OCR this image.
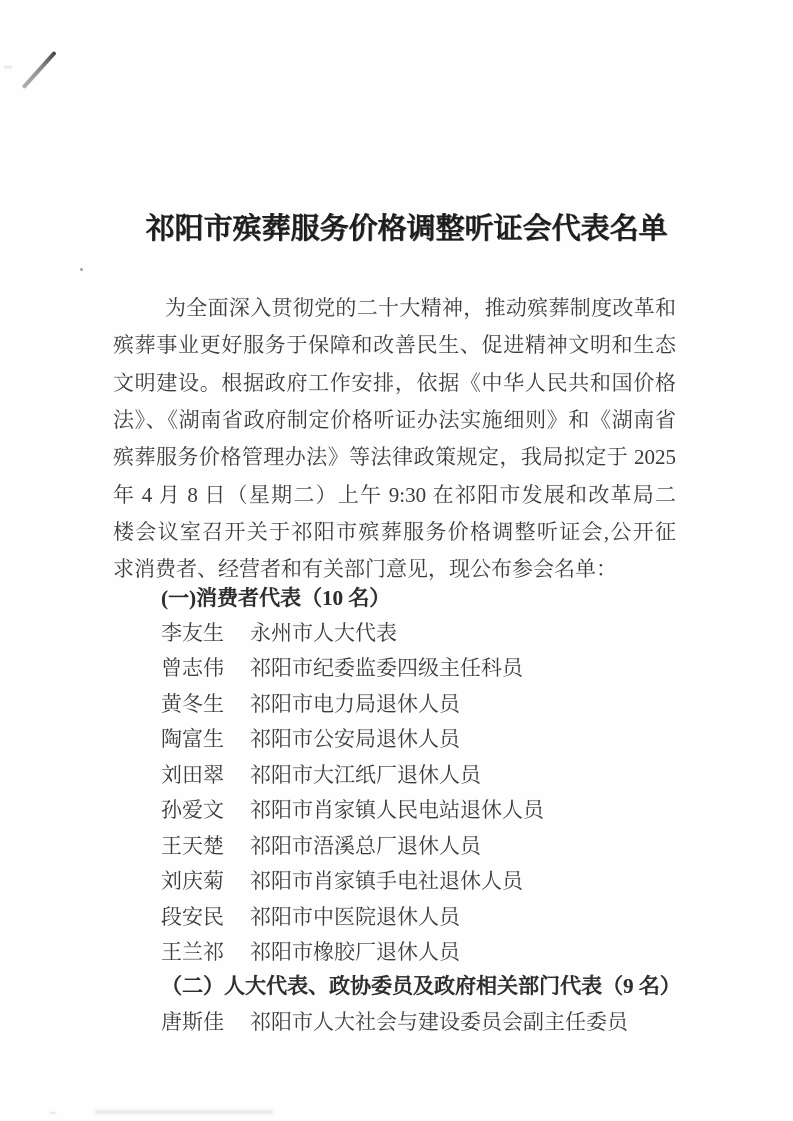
祁阳市殡葬服务价格调整听证会代表名单
为全面深入贯彻党的二十大精神，推动殡葬制度改革和
殡葬事业更好服务于保障和改善民生、促进精神文明和生态
文明建设。根据政府工作安排，依据《中华人民共和国价格
法》、《湖南省政府制定价格听证办法实施细则》和《湖南省
殡葬服务价格管理办法》等法律政策规定，我局拟定于 2025
年 4 月 8 日（星期二）上午 9:30 在祁阳市发展和改革局二
楼会议室召开关于祁阳市殡葬服务价格调整听证会,公开征
求消费者、经营者和有关部门意见，现公布参会名单：
(一)消费者代表（10 名）
李友生 永州市人大代表
曾志伟 祁阳市纪委监委四级主任科员
黄冬生 祁阳市电力局退休人员
陶富生 祁阳市公安局退休人员
刘田翠 祁阳市大江纸厂退休人员
孙爱文 祁阳市肖家镇人民电站退休人员
王天楚 祁阳市浯溪总厂退休人员
刘庆菊 祁阳市肖家镇手电社退休人员
段安民 祁阳市中医院退休人员
王兰祁 祁阳市橡胶厂退休人员
（二）人大代表、政协委员及政府相关部门代表（9 名）
唐斯佳 祁阳市人大社会与建设委员会副主任委员
